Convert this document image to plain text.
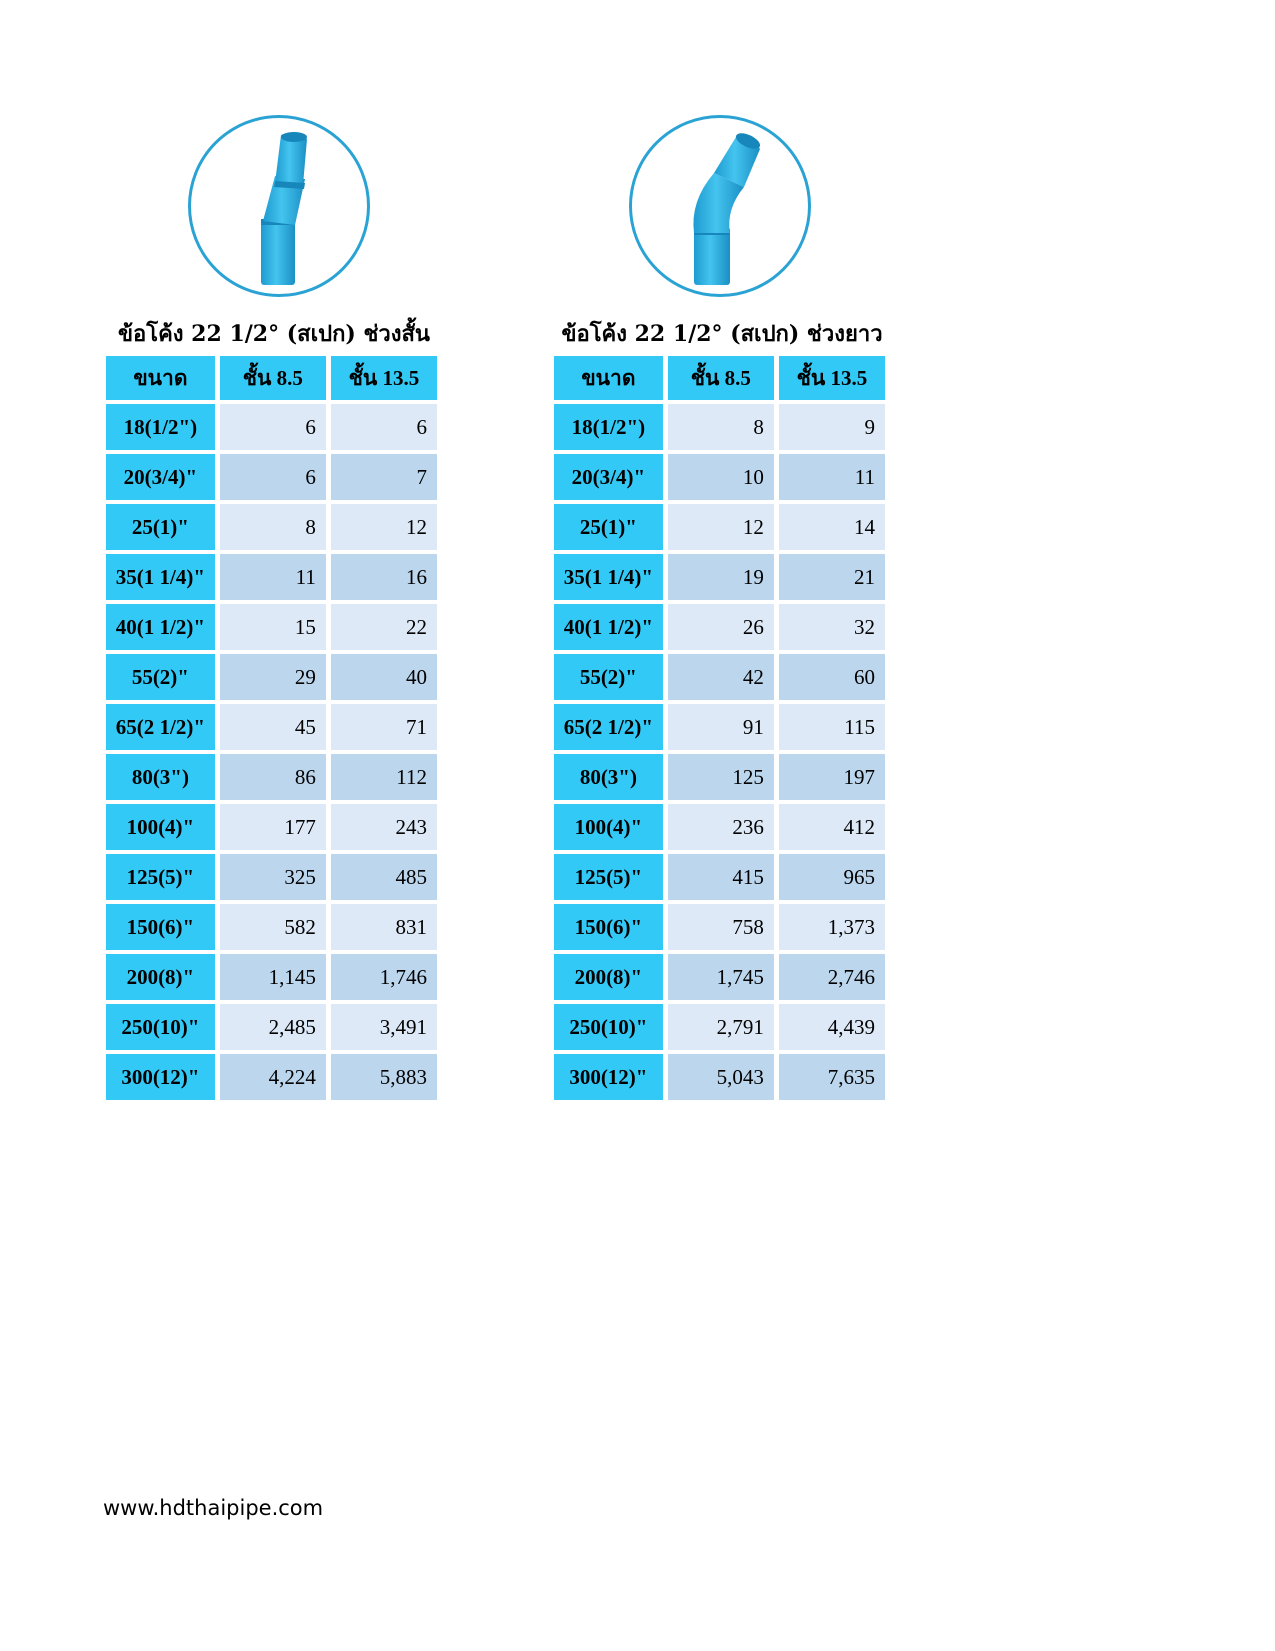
ข้อโค้ง 22 1/2° (สเปก) ช่วงสั้น
ขนาด	ชั้น 8.5	ชั้น 13.5
18(1/2")	6	6
20(3/4)"	6	7
25(1)"	8	12
35(1 1/4)"	11	16
40(1 1/2)"	15	22
55(2)"	29	40
65(2 1/2)"	45	71
80(3")	86	112
100(4)"	177	243
125(5)"	325	485
150(6)"	582	831
200(8)"	1,145	1,746
250(10)"	2,485	3,491
300(12)"	4,224	5,883
ข้อโค้ง 22 1/2° (สเปก) ช่วงยาว
ขนาด	ชั้น 8.5	ชั้น 13.5
18(1/2")	8	9
20(3/4)"	10	11
25(1)"	12	14
35(1 1/4)"	19	21
40(1 1/2)"	26	32
55(2)"	42	60
65(2 1/2)"	91	115
80(3")	125	197
100(4)"	236	412
125(5)"	415	965
150(6)"	758	1,373
200(8)"	1,745	2,746
250(10)"	2,791	4,439
300(12)"	5,043	7,635
www.hdthaipipe.com
